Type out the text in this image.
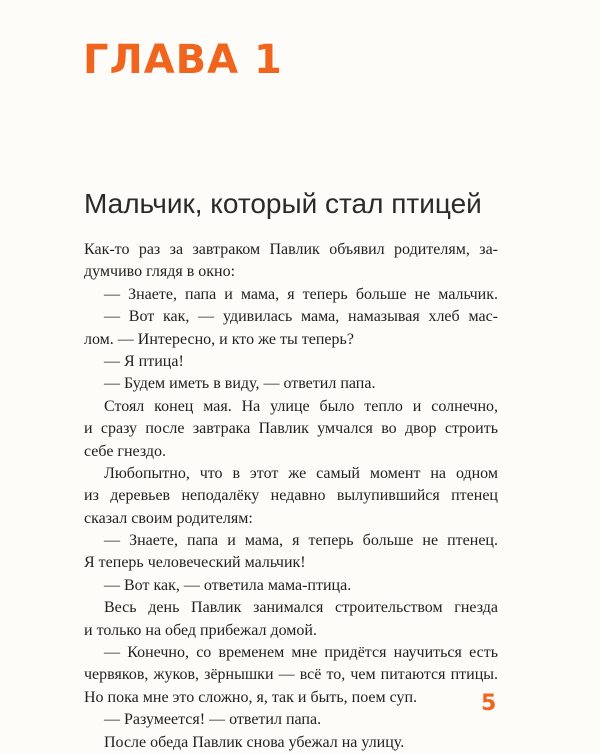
ГЛАВА 1
Мальчик, который стал птицей
Как-то раз за завтраком Павлик объявил родителям, за-
думчиво глядя в окно:
— Знаете, папа и мама, я теперь больше не мальчик.
— Вот как, — удивилась мама, намазывая хлеб мас-
лом. — Интересно, и кто же ты теперь?
— Я птица!
— Будем иметь в виду, — ответил папа.
Стоял конец мая. На улице было тепло и солнечно,
и сразу после завтрака Павлик умчался во двор строить
себе гнездо.
Любопытно, что в этот же самый момент на одном
из деревьев неподалёку недавно вылупившийся птенец
сказал своим родителям:
— Знаете, папа и мама, я теперь больше не птенец.
Я теперь человеческий мальчик!
— Вот как, — ответила мама-птица.
Весь день Павлик занимался строительством гнезда
и только на обед прибежал домой.
— Конечно, со временем мне придётся научиться есть
червяков, жуков, зёрнышки — всё то, чем питаются птицы.
Но пока мне это сложно, я, так и быть, поем суп.
— Разумеется! — ответил папа.
После обеда Павлик снова убежал на улицу.
5
